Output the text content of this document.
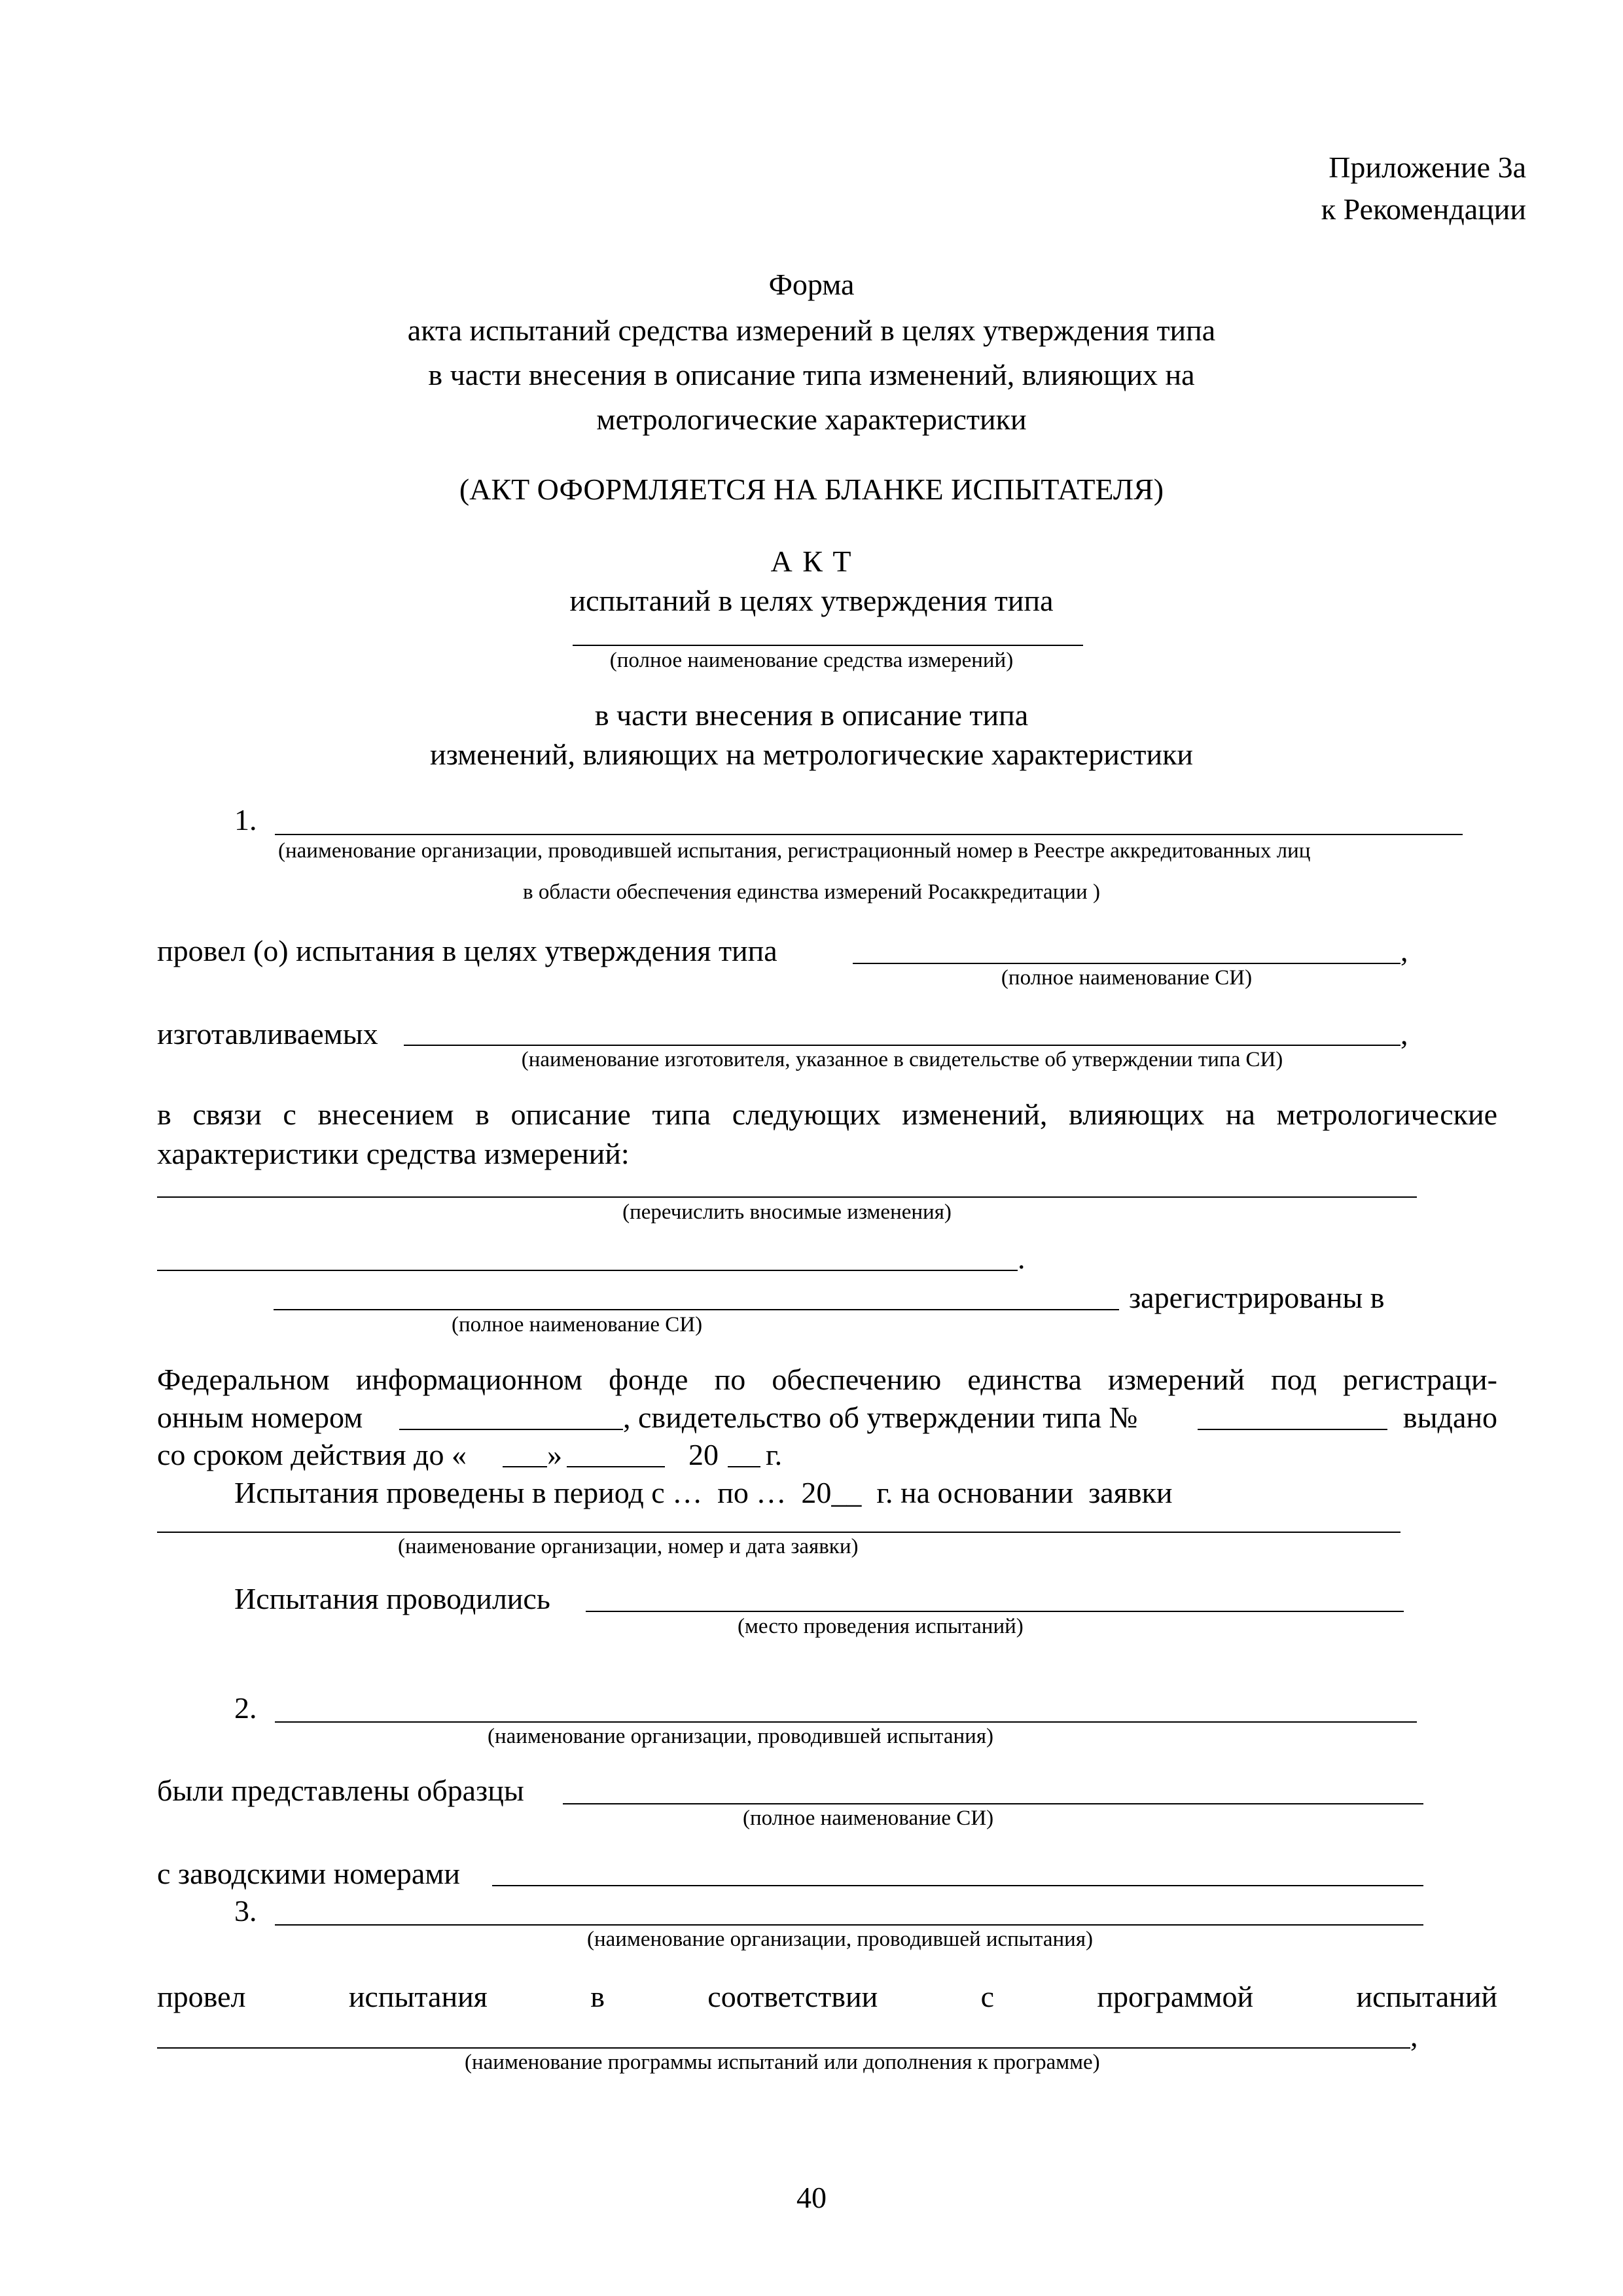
Приложение 3а
к Рекомендации
Форма
акта испытаний средства измерений в целях утверждения типа
в части внесения в описание типа изменений, влияющих на
метрологические характеристики
(АКТ ОФОРМЛЯЕТСЯ НА БЛАНКЕ ИСПЫТАТЕЛЯ)
А К Т
испытаний в целях утверждения типа
(полное наименование средства измерений)
в части внесения в описание типа
изменений, влияющих на метрологические характеристики
1.
(наименование организации, проводившей испытания, регистрационный номер в Реестре аккредитованных лиц
в области обеспечения единства измерений Росаккредитации )
провел (о) испытания в целях утверждения типа	,
(полное наименование СИ)
изготавливаемых	,
(наименование изготовителя, указанное в свидетельстве об утверждении типа СИ)
в связи с внесением в описание типа следующих изменений, влияющих на метрологические
характеристики средства измерений:
(перечислить вносимые изменения)
.
зарегистрированы в
(полное наименование СИ)
Федеральном информационном фонде по обеспечению единства измерений под регистраци-
онным номером	, свидетельство об утверждении типа №	выдано
со сроком действия до «	»	20 г.
Испытания проведены в период с …  по …  20__  г. на основании  заявки
(наименование организации, номер и дата заявки)
Испытания проводились
(место проведения испытаний)
2.
(наименование организации, проводившей испытания)
были представлены образцы
(полное наименование СИ)
с заводскими номерами
3.
(наименование организации, проводившей испытания)
провел	испытания	в	соответствии	с	программой	испытаний
,
(наименование программы испытаний или дополнения к программе)
40
